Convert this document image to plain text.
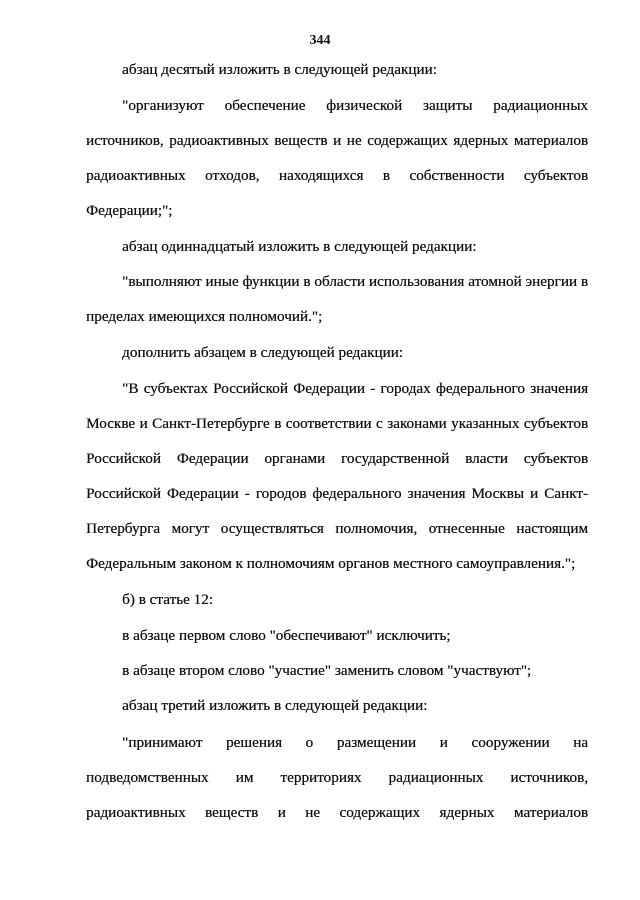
344
абзац десятый изложить в следующей редакции:
"организуют обеспечение физической защиты радиационных
источников, радиоактивных веществ и не содержащих ядерных материалов
радиоактивных отходов, находящихся в собственности субъектов
Федерации;";
абзац одиннадцатый изложить в следующей редакции:
"выполняют иные функции в области использования атомной энергии в
пределах имеющихся полномочий.";
дополнить абзацем в следующей редакции:
"В субъектах Российской Федерации - городах федерального значения
Москве и Санкт-Петербурге в соответствии с законами указанных субъектов
Российской Федерации органами государственной власти субъектов
Российской Федерации - городов федерального значения Москвы и Санкт-
Петербурга могут осуществляться полномочия, отнесенные настоящим
Федеральным законом к полномочиям органов местного самоуправления.";
б) в статье 12:
в абзаце первом слово "обеспечивают" исключить;
в абзаце втором слово "участие" заменить словом "участвуют";
абзац третий изложить в следующей редакции:
"принимают решения о размещении и сооружении на
подведомственных им территориях радиационных источников,
радиоактивных веществ и не содержащих ядерных материалов
